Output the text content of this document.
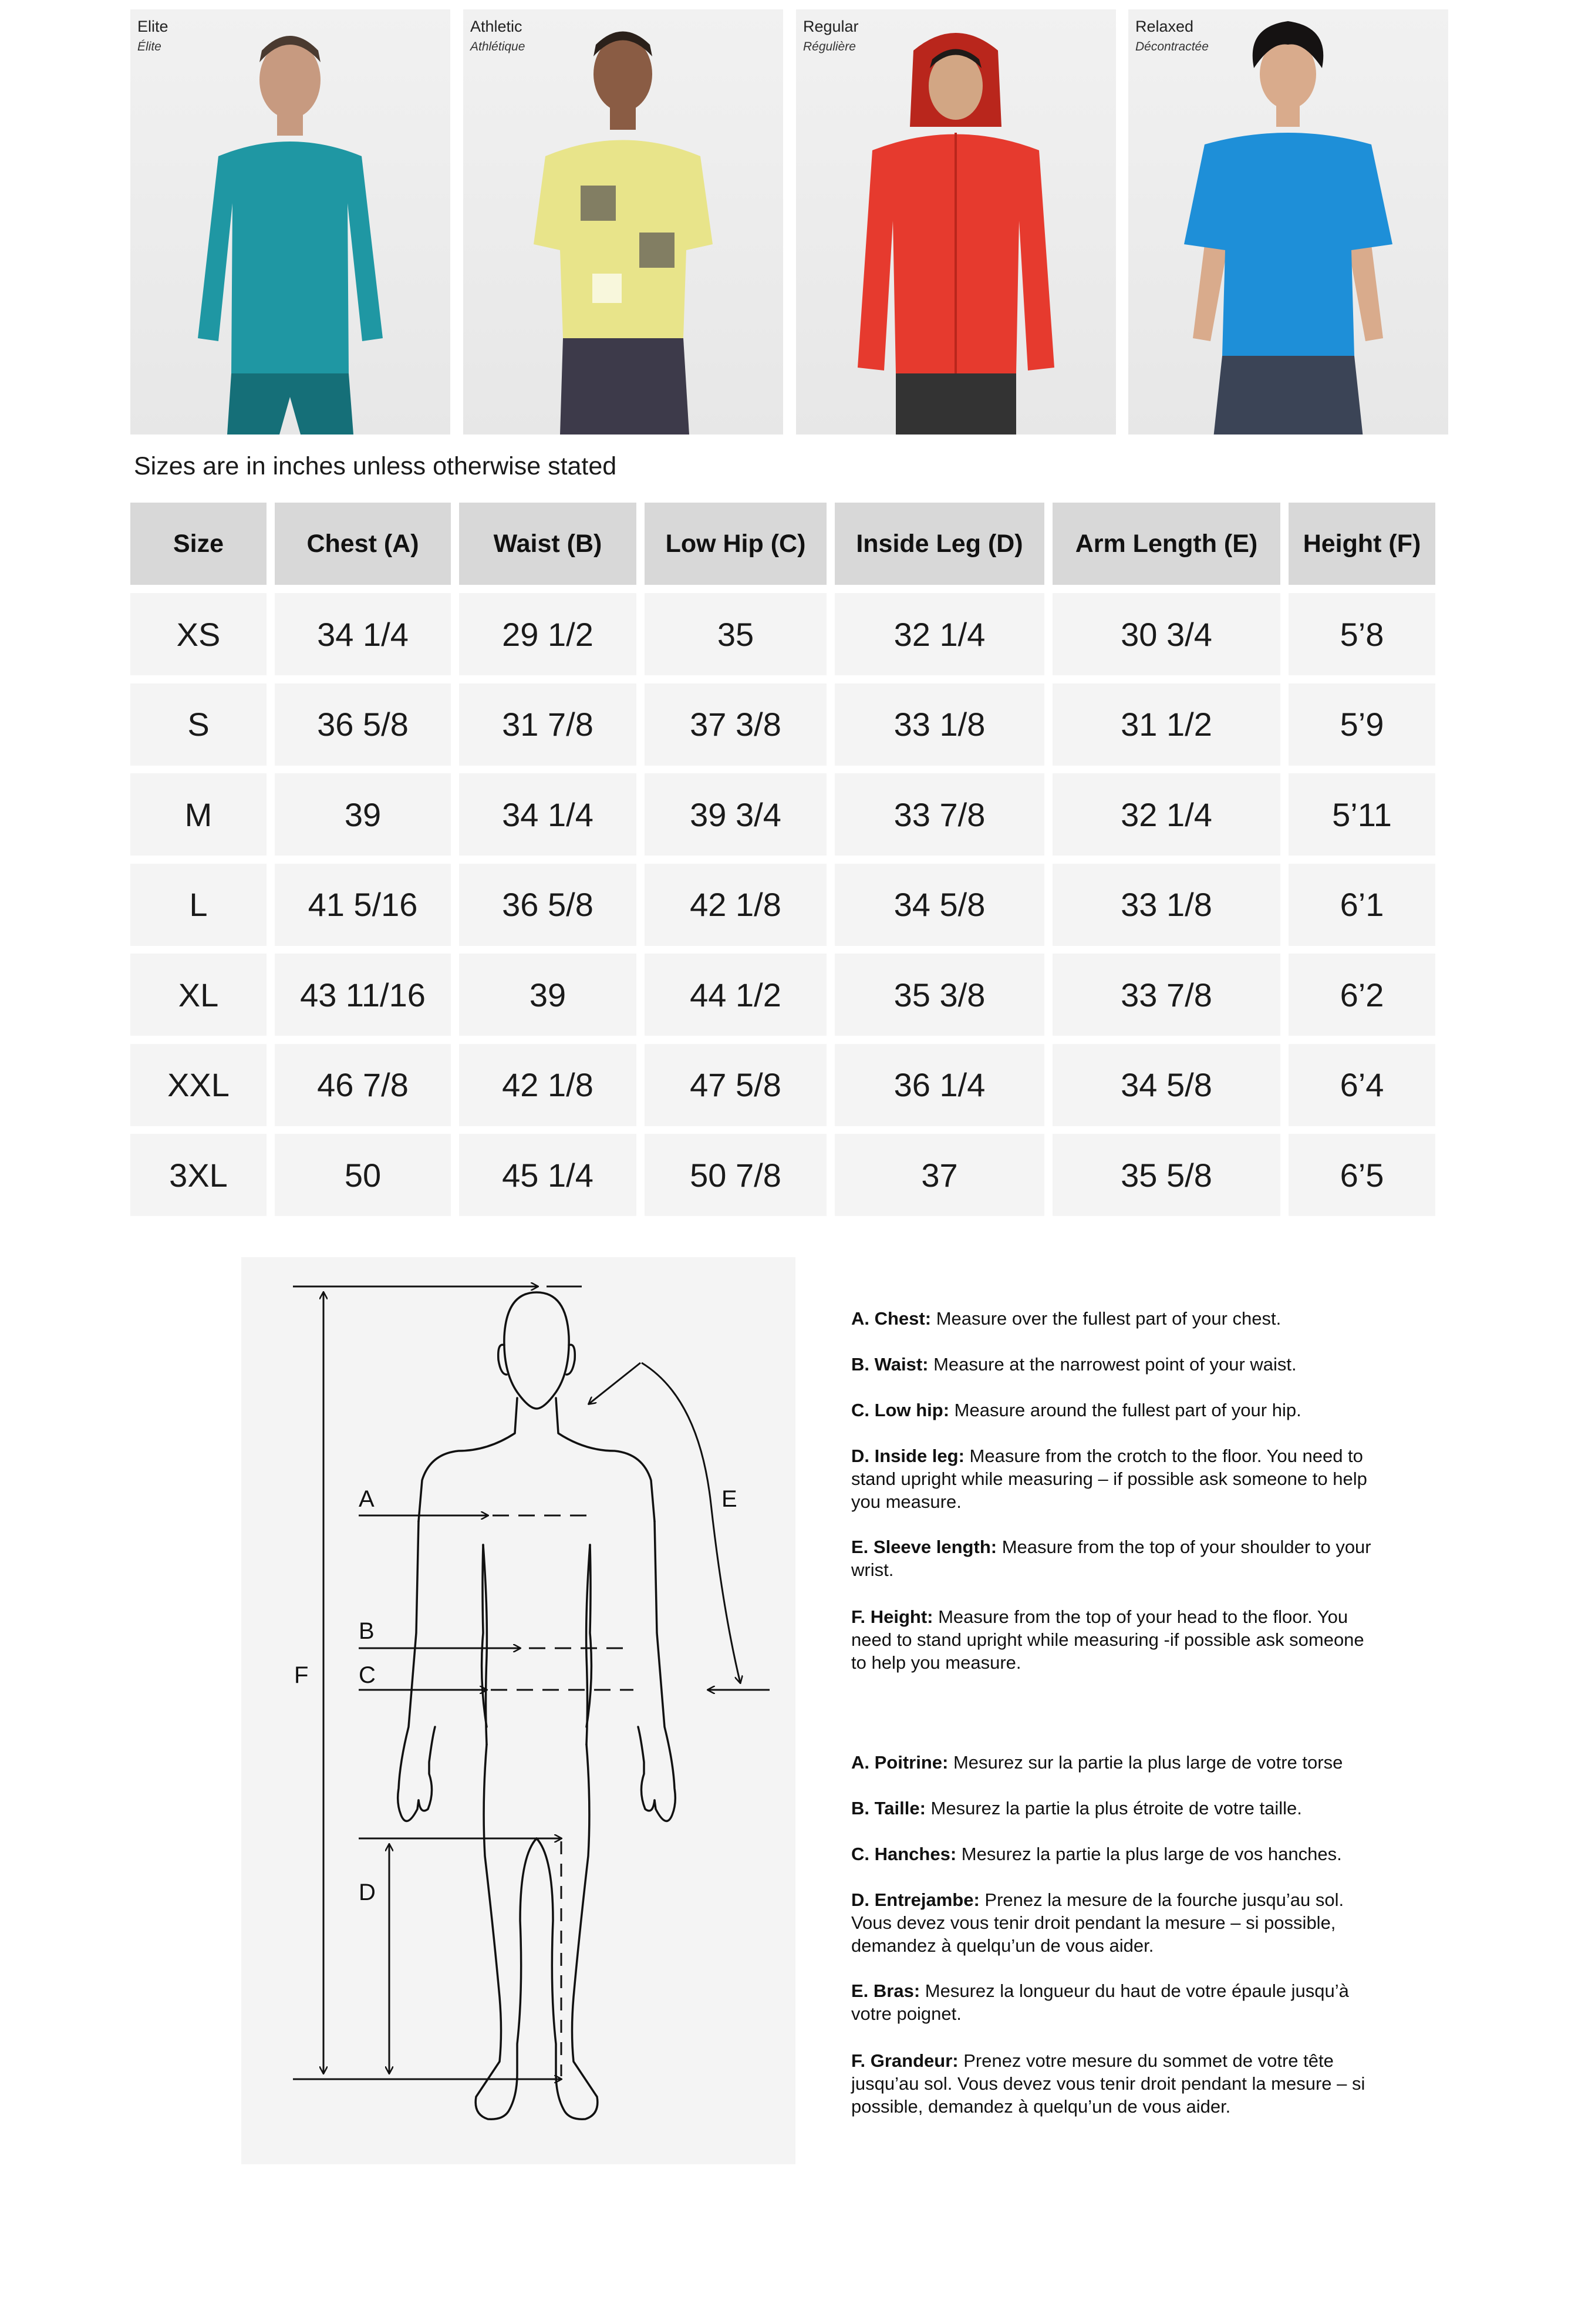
Elite
Élite
Athletic
Athlétique
Regular
Régulière
Relaxed
Décontractée
Sizes are in inches unless otherwise stated
Size	Chest (A)	Waist (B)	Low Hip (C)	Inside Leg (D)	Arm Length (E)	Height (F)
XS	34 1/4	29 1/2	35	32 1/4	30 3/4	5’8
S	36 5/8	31 7/8	37 3/8	33 1/8	31 1/2	5’9
M	39	34 1/4	39 3/4	33 7/8	32 1/4	5’11
L	41 5/16	36 5/8	42 1/8	34 5/8	33 1/8	6’1
XL	43 11/16	39	44 1/2	35 3/8	33 7/8	6’2
XXL	46 7/8	42 1/8	47 5/8	36 1/4	34 5/8	6’4
3XL	50	45 1/4	50 7/8	37	35 5/8	6’5
A	E
B
C
F
D
A. Chest: Measure over the fullest part of your chest.
B. Waist: Measure at the narrowest point of your waist.
C. Low hip: Measure around the fullest part of your hip.
D. Inside leg: Measure from the crotch to the floor. You need to stand upright while measuring – if possible ask someone to help you measure.
E. Sleeve length: Measure from the top of your shoulder to your wrist.
F. Height: Measure from the top of your head to the floor. You need to stand upright while measuring -if possible ask someone to help you measure.
A. Poitrine: Mesurez sur la partie la plus large de votre torse
B. Taille: Mesurez la partie la plus étroite de votre taille.
C. Hanches: Mesurez la partie la plus large de vos hanches.
D. Entrejambe: Prenez la mesure de la fourche jusqu’au sol. Vous devez vous tenir droit pendant la mesure – si possible, demandez à quelqu’un de vous aider.
E. Bras: Mesurez la longueur du haut de votre épaule jusqu’à votre poignet.
F. Grandeur: Prenez votre mesure du sommet de votre tête jusqu’au sol. Vous devez vous tenir droit pendant la mesure – si possible, demandez à quelqu’un de vous aider.
